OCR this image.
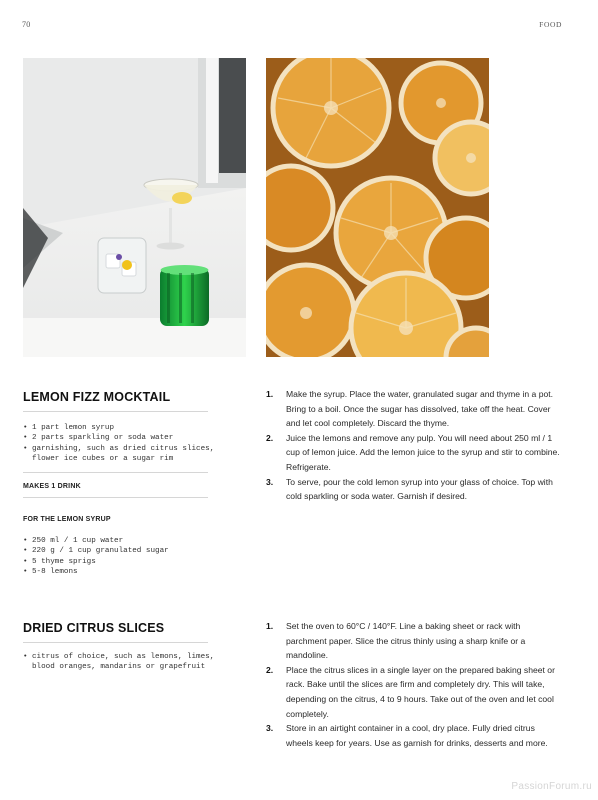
70	FOOD
LEMON FIZZ MOCKTAIL
• 1 part lemon syrup
• 2 parts sparkling or soda water
• garnishing, such as dried citrus slices, flower ice cubes or a sugar rim
MAKES 1 DRINK
FOR THE LEMON SYRUP
• 250 ml / 1 cup water
• 220 g / 1 cup granulated sugar
• 5 thyme sprigs
• 5-8 lemons
1. Make the syrup. Place the water, granulated sugar and thyme in a pot. Bring to a boil. Once the sugar has dissolved, take off the heat. Cover and let cool completely. Discard the thyme.
2. Juice the lemons and remove any pulp. You will need about 250 ml / 1 cup of lemon juice. Add the lemon juice to the syrup and stir to combine. Refrigerate.
3. To serve, pour the cold lemon syrup into your glass of choice. Top with cold sparkling or soda water. Garnish if desired.
DRIED CITRUS SLICES
• citrus of choice, such as lemons, limes, blood oranges, mandarins or grapefruit
1. Set the oven to 60°C / 140°F. Line a baking sheet or rack with parchment paper. Slice the citrus thinly using a sharp knife or a mandoline.
2. Place the citrus slices in a single layer on the prepared baking sheet or rack. Bake until the slices are firm and completely dry. This will take, depending on the citrus, 4 to 9 hours. Take out of the oven and let cool completely.
3. Store in an airtight container in a cool, dry place. Fully dried citrus wheels keep for years. Use as garnish for drinks, desserts and more.
PassionForum.ru
